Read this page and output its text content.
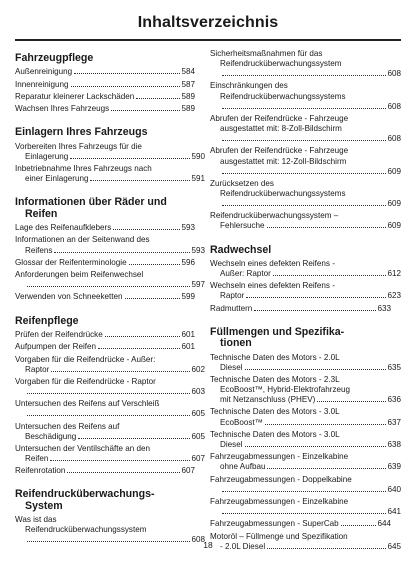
Inhaltsverzeichnis
Fahrzeugpflege
Außenreinigung	584
Innenreinigung	587
Reparatur kleinerer Lackschäden	589
Wachsen Ihres Fahrzeugs	589
Einlagern Ihres Fahrzeugs
Vorbereiten Ihres Fahrzeugs für die
Einlagerung	590
Inbetriebnahme Ihres Fahrzeugs nach
einer Einlagerung	591
Informationen über Räder und

Reifen
Lage des Reifenaufklebers	593
Informationen an der Seitenwand des
Reifens	593
Glossar der Reifenterminologie	596
Anforderungen beim Reifenwechsel
597
Verwenden von Schneeketten	599
Reifenpflege
Prüfen der Reifendrücke	601
Aufpumpen der Reifen	601
Vorgaben für die Reifendrücke - Außer:
Raptor	602
Vorgaben für die Reifendrücke - Raptor
603
Untersuchen des Reifens auf Verschleiß
605
Untersuchen des Reifens auf
Beschädigung	605
Untersuchen der Ventilschäfte an den
Reifen	607
Reifenrotation	607
Reifendrucküberwachungs-

System
Was ist das
Reifendrucküberwachungssystem
608
Sicherheitsmaßnahmen für das
Reifendrucküberwachungssystem
608
Einschränkungen des
Reifendrucküberwachungssystems
608
Abrufen der Reifendrücke - Fahrzeuge
ausgestattet mit: 8-Zoll-Bildschirm
608
Abrufen der Reifendrücke - Fahrzeuge
ausgestattet mit: 12-Zoll-Bildschirm
609
Zurücksetzen des
Reifendrucküberwachungssystems
609
Reifendrucküberwachungssystem –
Fehlersuche	609
Radwechsel
Wechseln eines defekten Reifens -
Außer: Raptor	612
Wechseln eines defekten Reifens -
Raptor	623
Radmuttern	633
Füllmengen und Spezifika-

tionen
Technische Daten des Motors - 2.0L
Diesel	635
Technische Daten des Motors - 2.3L
EcoBoost™, Hybrid-Elektrofahrzeug
mit Netzanschluss (PHEV)	636
Technische Daten des Motors - 3.0L
EcoBoost™	637
Technische Daten des Motors - 3.0L
Diesel	638
Fahrzeugabmessungen - Einzelkabine
ohne Aufbau	639
Fahrzeugabmessungen - Doppelkabine
640
Fahrzeugabmessungen - Einzelkabine
641
Fahrzeugabmessungen - SuperCab	644
Motoröl – Füllmenge und Spezifikation
- 2.0L Diesel	645
18
